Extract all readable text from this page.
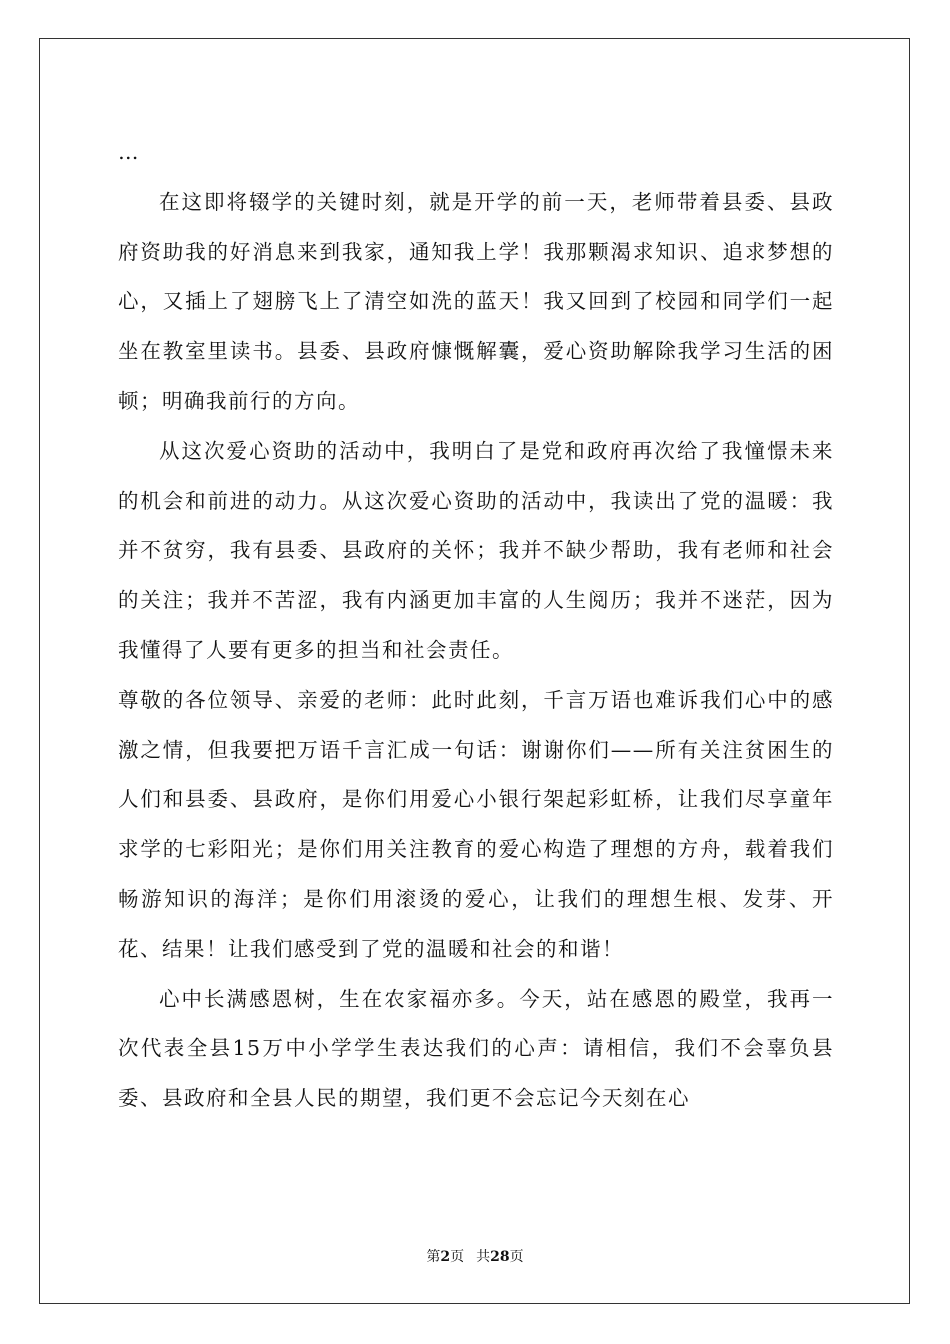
…

在这即将辍学的关键时刻，就是开学的前一天，老师带着县委、县政府资助我的好消息来到我家，通知我上学！我那颗渴求知识、追求梦想的心，又插上了翅膀飞上了清空如洗的蓝天！我又回到了校园和同学们一起坐在教室里读书。县委、县政府慷慨解囊，爱心资助解除我学习生活的困顿；明确我前行的方向。

从这次爱心资助的活动中，我明白了是党和政府再次给了我憧憬未来的机会和前进的动力。从这次爱心资助的活动中，我读出了党的温暖：我并不贫穷，我有县委、县政府的关怀；我并不缺少帮助，我有老师和社会的关注；我并不苦涩，我有内涵更加丰富的人生阅历；我并不迷茫，因为我懂得了人要有更多的担当和社会责任。

尊敬的各位领导、亲爱的老师：此时此刻，千言万语也难诉我们心中的感激之情，但我要把万语千言汇成一句话：谢谢你们——所有关注贫困生的人们和县委、县政府，是你们用爱心小银行架起彩虹桥，让我们尽享童年求学的七彩阳光；是你们用关注教育的爱心构造了理想的方舟，载着我们畅游知识的海洋；是你们用滚烫的爱心，让我们的理想生根、发芽、开花、结果！让我们感受到了党的温暖和社会的和谐！

心中长满感恩树，生在农家福亦多。今天，站在感恩的殿堂，我再一次代表全县15万中小学学生表达我们的心声：请相信，我们不会辜负县委、县政府和全县人民的期望，我们更不会忘记今天刻在心

第2页 共28页
